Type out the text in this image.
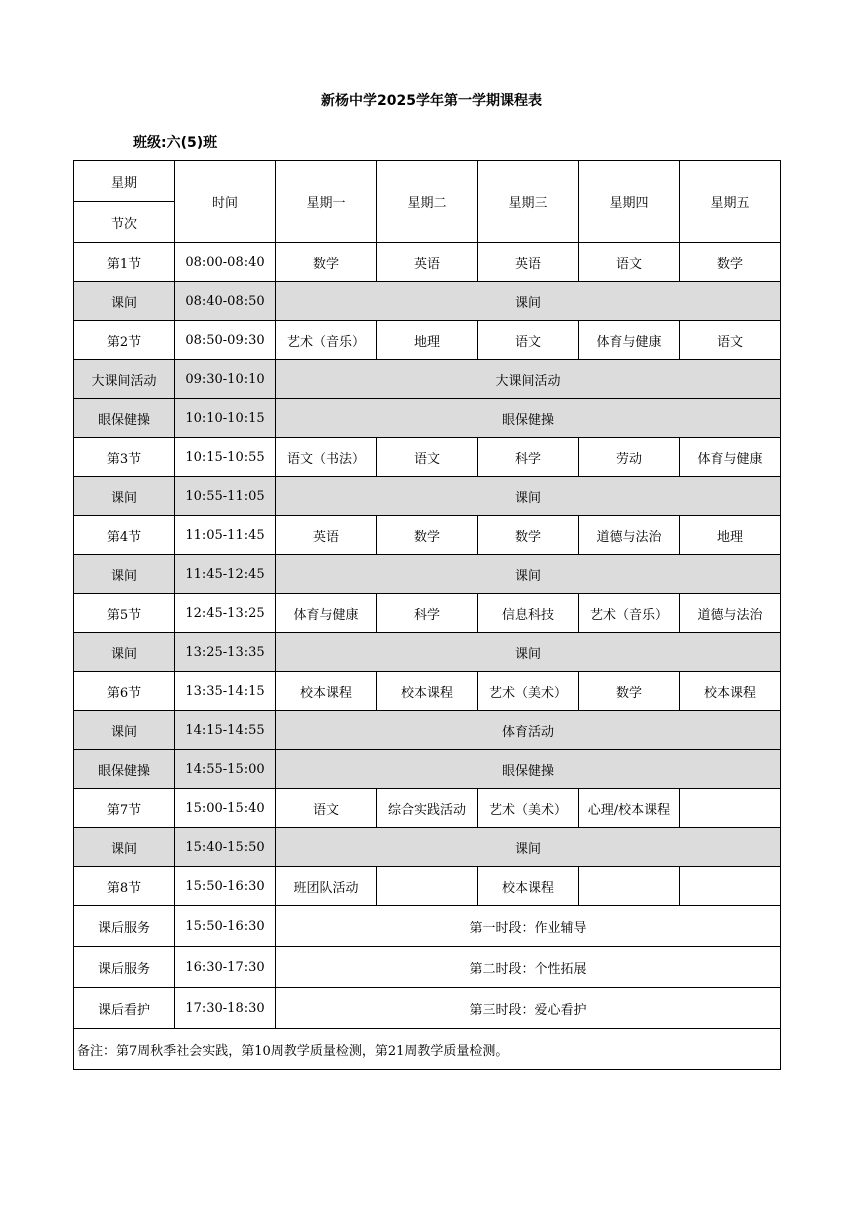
新杨中学2025学年第一学期课程表
班级:六(5)班
星期	时间	星期一	星期二	星期三	星期四	星期五
节次						
第1节	08:00-08:40	数学	英语	英语	语文	数学
课间	08:40-08:50	课间				
第2节	08:50-09:30	艺术（音乐）	地理	语文	体育与健康	语文
大课间活动	09:30-10:10	大课间活动				
眼保健操	10:10-10:15	眼保健操				
第3节	10:15-10:55	语文（书法）	语文	科学	劳动	体育与健康
课间	10:55-11:05	课间				
第4节	11:05-11:45	英语	数学	数学	道德与法治	地理
课间	11:45-12:45	课间				
第5节	12:45-13:25	体育与健康	科学	信息科技	艺术（音乐）	道德与法治
课间	13:25-13:35	课间				
第6节	13:35-14:15	校本课程	校本课程	艺术（美术）	数学	校本课程
课间	14:15-14:55	体育活动				
眼保健操	14:55-15:00	眼保健操				
第7节	15:00-15:40	语文	综合实践活动	艺术（美术）	心理/校本课程	
课间	15:40-15:50	课间				
第8节	15:50-16:30	班团队活动		校本课程		
课后服务	15:50-16:30	第一时段：作业辅导				
课后服务	16:30-17:30	第二时段：个性拓展				
课后看护	17:30-18:30	第三时段：爱心看护				
备注：第7周秋季社会实践，第10周教学质量检测，第21周教学质量检测。						
